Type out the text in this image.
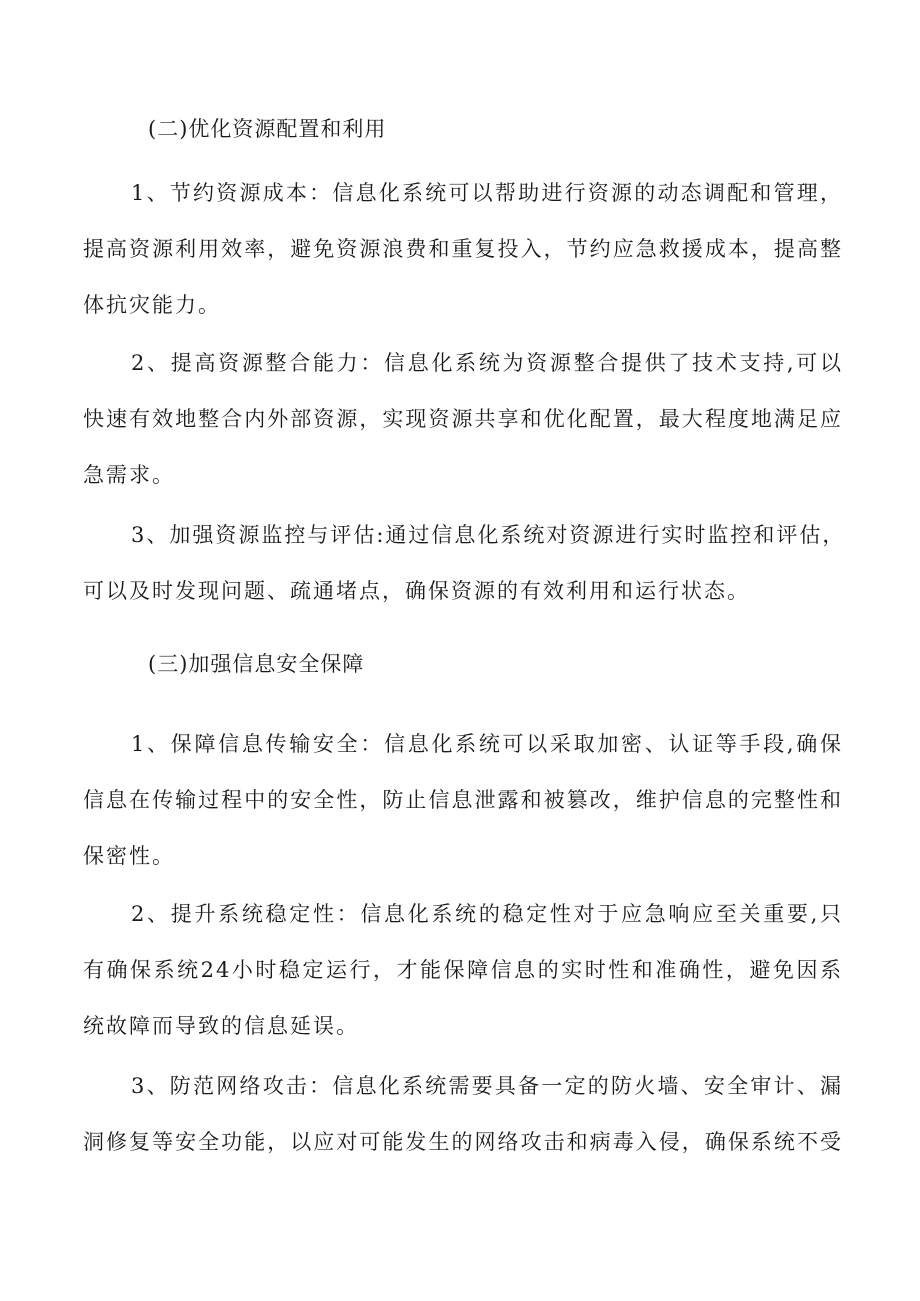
(二)优化资源配置和利用
1、节约资源成本：信息化系统可以帮助进行资源的动态调配和管理，
提高资源利用效率，避免资源浪费和重复投入，节约应急救援成本，提高整
体抗灾能力。
2、提高资源整合能力：信息化系统为资源整合提供了技术支持,可以
快速有效地整合内外部资源，实现资源共享和优化配置，最大程度地满足应
急需求。
3、加强资源监控与评估:通过信息化系统对资源进行实时监控和评估，
可以及时发现问题、疏通堵点，确保资源的有效利用和运行状态。
(三)加强信息安全保障
1、保障信息传输安全：信息化系统可以采取加密、认证等手段,确保
信息在传输过程中的安全性，防止信息泄露和被篡改，维护信息的完整性和
保密性。
2、提升系统稳定性：信息化系统的稳定性对于应急响应至关重要,只
有确保系统24小时稳定运行，才能保障信息的实时性和准确性，避免因系
统故障而导致的信息延误。
3、防范网络攻击：信息化系统需要具备一定的防火墙、安全审计、漏
洞修复等安全功能，以应对可能发生的网络攻击和病毒入侵，确保系统不受
